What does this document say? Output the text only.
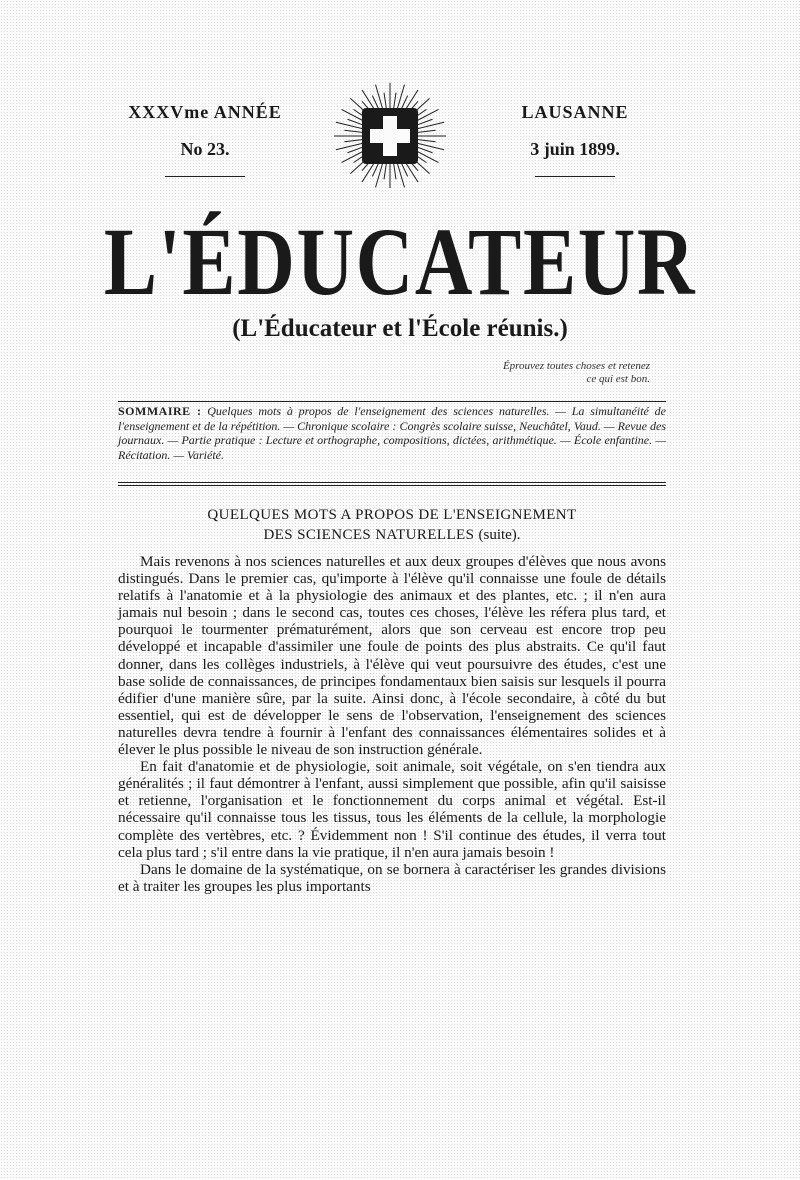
XXXVme ANNÉE
No 23.
LAUSANNE
3 juin 1899.
L'ÉDUCATEUR
(L'Éducateur et l'École réunis.)
Éprouvez toutes choses et retenez
ce qui est bon.
SOMMAIRE : Quelques mots à propos de l'enseignement des sciences naturelles. — La simultanéité de l'enseignement et de la répétition. — Chronique scolaire : Congrès scolaire suisse, Neuchâtel, Vaud. — Revue des journaux. — Partie pratique : Lecture et orthographe, compositions, dictées, arithmétique. — École enfantine. — Récitation. — Variété.
QUELQUES MOTS A PROPOS DE L'ENSEIGNEMENT
DES SCIENCES NATURELLES (suite).

Mais revenons à nos sciences naturelles et aux deux groupes d'élèves que nous avons distingués. Dans le premier cas, qu'importe à l'élève qu'il connaisse une foule de détails relatifs à l'anatomie et à la physiologie des animaux et des plantes, etc. ; il n'en aura jamais nul besoin ; dans le second cas, toutes ces choses, l'élève les réfera plus tard, et pourquoi le tourmenter prématurément, alors que son cerveau est encore trop peu développé et incapable d'assimiler une foule de points des plus abstraits. Ce qu'il faut donner, dans les collèges industriels, à l'élève qui veut poursuivre des études, c'est une base solide de connaissances, de principes fondamentaux bien saisis sur lesquels il pourra édifier d'une manière sûre, par la suite. Ainsi donc, à l'école secondaire, à côté du but essentiel, qui est de développer le sens de l'observation, l'enseignement des sciences naturelles devra tendre à fournir à l'enfant des connaissances élémentaires solides et à élever le plus possible le niveau de son instruction générale.

En fait d'anatomie et de physiologie, soit animale, soit végétale, on s'en tiendra aux généralités ; il faut démontrer à l'enfant, aussi simplement que possible, afin qu'il saisisse et retienne, l'organisation et le fonctionnement du corps animal et végétal. Est-il nécessaire qu'il connaisse tous les tissus, tous les éléments de la cellule, la morphologie complète des vertèbres, etc. ? Évidemment non ! S'il continue des études, il verra tout cela plus tard ; s'il entre dans la vie pratique, il n'en aura jamais besoin !

Dans le domaine de la systématique, on se bornera à caractériser les grandes divisions et à traiter les groupes les plus importants
